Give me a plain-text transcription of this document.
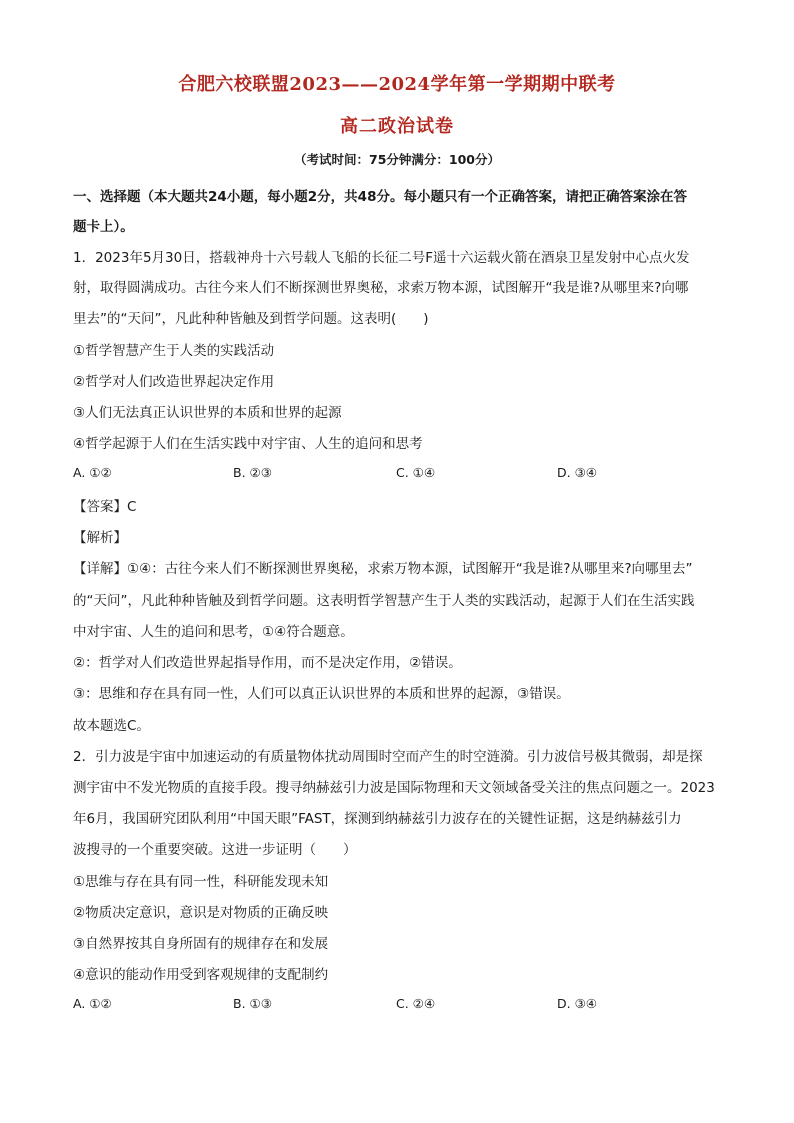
合肥六校联盟2023——2024学年第一学期期中联考
高二政治试卷
（考试时间：75分钟满分：100分）
一、选择题（本大题共24小题，每小题2分，共48分。每小题只有一个正确答案，请把正确答案涂在答
题卡上）。
1．2023年5月30日，搭载神舟十六号载人飞船的长征二号F遥十六运载火箭在酒泉卫星发射中心点火发
射，取得圆满成功。古往今来人们不断探测世界奥秘，求索万物本源，试图解开“我是谁?从哪里来?向哪
里去”的“天问”，凡此种种皆触及到哲学问题。这表明(　　)
①哲学智慧产生于人类的实践活动
②哲学对人们改造世界起决定作用
③人们无法真正认识世界的本质和世界的起源
④哲学起源于人们在生活实践中对宇宙、人生的追问和思考
A. ①②	B. ②③	C. ①④	D. ③④
【答案】C
【解析】
【详解】①④：古往今来人们不断探测世界奥秘，求索万物本源，试图解开“我是谁?从哪里来?向哪里去”
的“天问”，凡此种种皆触及到哲学问题。这表明哲学智慧产生于人类的实践活动，起源于人们在生活实践
中对宇宙、人生的追问和思考，①④符合题意。
②：哲学对人们改造世界起指导作用，而不是决定作用，②错误。
③：思维和存在具有同一性，人们可以真正认识世界的本质和世界的起源，③错误。
故本题选C。
2．引力波是宇宙中加速运动的有质量物体扰动周围时空而产生的时空涟漪。引力波信号极其微弱，却是探
测宇宙中不发光物质的直接手段。搜寻纳赫兹引力波是国际物理和天文领域备受关注的焦点问题之一。2023
年6月，我国研究团队利用“中国天眼”FAST，探测到纳赫兹引力波存在的关键性证据，这是纳赫兹引力
波搜寻的一个重要突破。这进一步证明（　　）
①思维与存在具有同一性，科研能发现未知
②物质决定意识，意识是对物质的正确反映
③自然界按其自身所固有的规律存在和发展
④意识的能动作用受到客观规律的支配制约
A. ①②	B. ①③	C. ②④	D. ③④
